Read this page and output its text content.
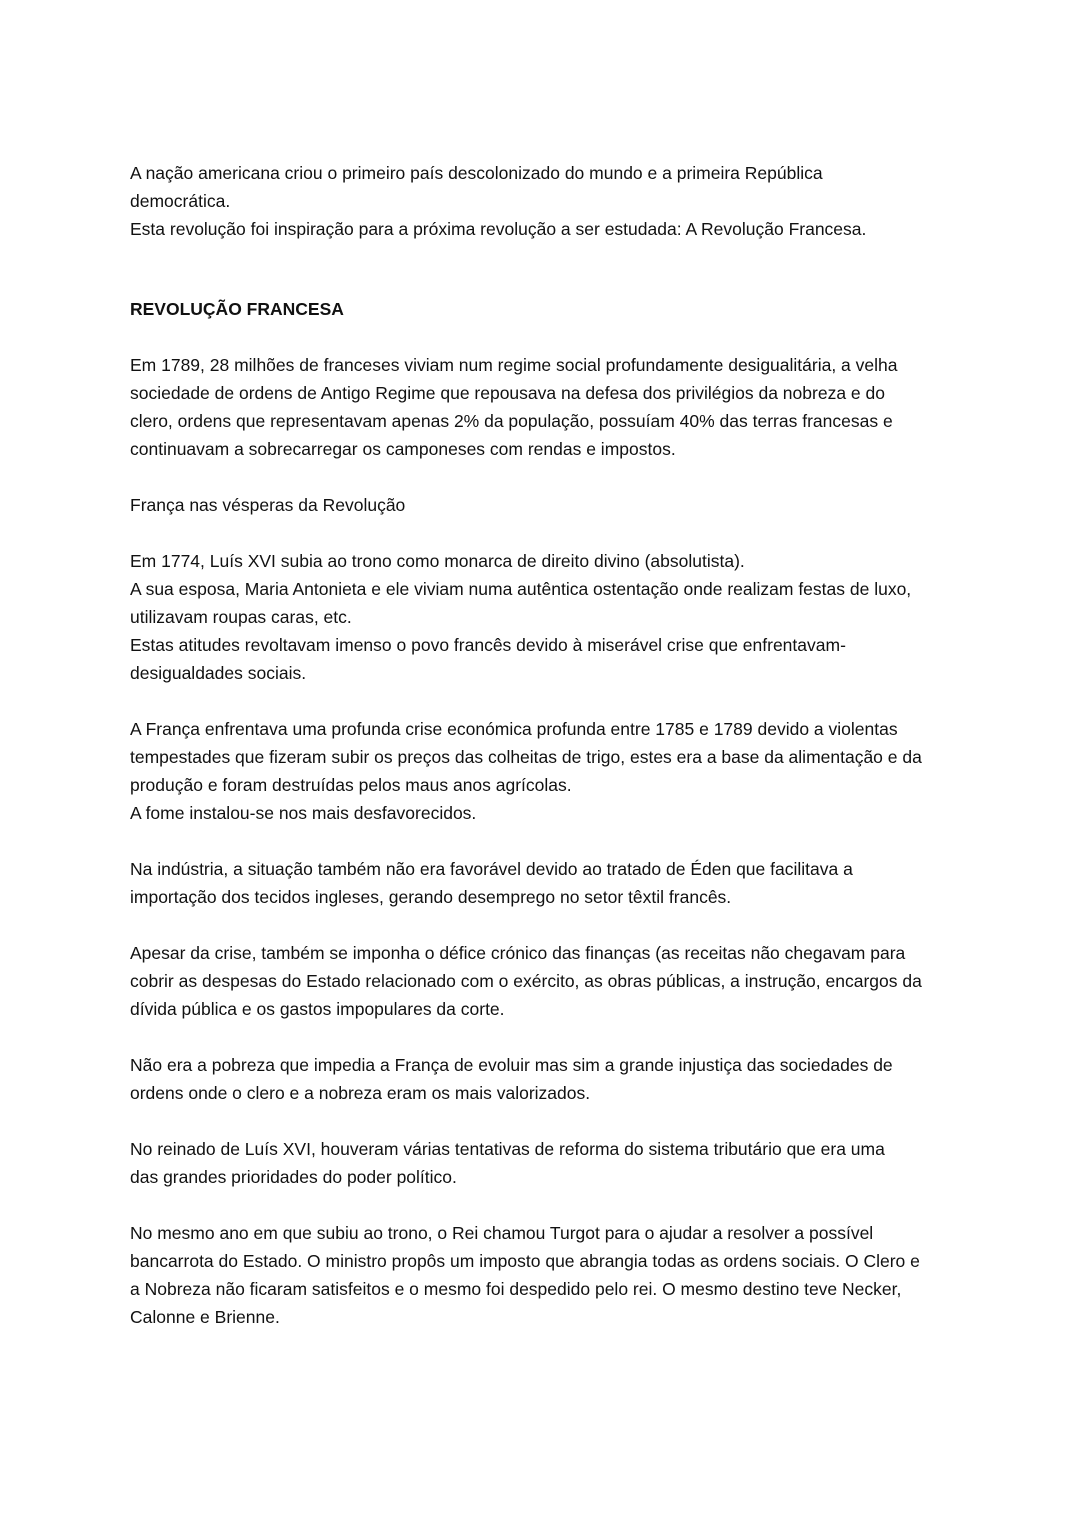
A nação americana criou o primeiro país descolonizado do mundo e a primeira República
democrática.

Esta revolução foi inspiração para a próxima revolução a ser estudada: A Revolução Francesa.

REVOLUÇÃO FRANCESA

Em 1789, 28 milhões de franceses viviam num regime social profundamente desigualitária, a velha
sociedade de ordens de Antigo Regime que repousava na defesa dos privilégios da nobreza e do
clero, ordens que representavam apenas 2% da população, possuíam 40% das terras francesas e
continuavam a sobrecarregar os camponeses com rendas e impostos.

França nas vésperas da Revolução

Em 1774, Luís XVI subia ao trono como monarca de direito divino (absolutista).

A sua esposa, Maria Antonieta e ele viviam numa autêntica ostentação onde realizam festas de luxo,
utilizavam roupas caras, etc.

Estas atitudes revoltavam imenso o povo francês devido à miserável crise que enfrentavam-
desigualdades sociais.

A França enfrentava uma profunda crise económica profunda entre 1785 e 1789 devido a violentas
tempestades que fizeram subir os preços das colheitas de trigo, estes era a base da alimentação e da
produção e foram destruídas pelos maus anos agrícolas.

A fome instalou-se nos mais desfavorecidos.

Na indústria, a situação também não era favorável devido ao tratado de Éden que facilitava a
importação dos tecidos ingleses, gerando desemprego no setor têxtil francês.

Apesar da crise, também se imponha o défice crónico das finanças (as receitas não chegavam para
cobrir as despesas do Estado relacionado com o exército, as obras públicas, a instrução, encargos da
dívida pública e os gastos impopulares da corte.

Não era a pobreza que impedia a França de evoluir mas sim a grande injustiça das sociedades de
ordens onde o clero e a nobreza eram os mais valorizados.

No reinado de Luís XVI, houveram várias tentativas de reforma do sistema tributário que era uma
das grandes prioridades do poder político.

No mesmo ano em que subiu ao trono, o Rei chamou Turgot para o ajudar a resolver a possível
bancarrota do Estado. O ministro propôs um imposto que abrangia todas as ordens sociais. O Clero e
a Nobreza não ficaram satisfeitos e o mesmo foi despedido pelo rei. O mesmo destino teve Necker,
Calonne e Brienne.
